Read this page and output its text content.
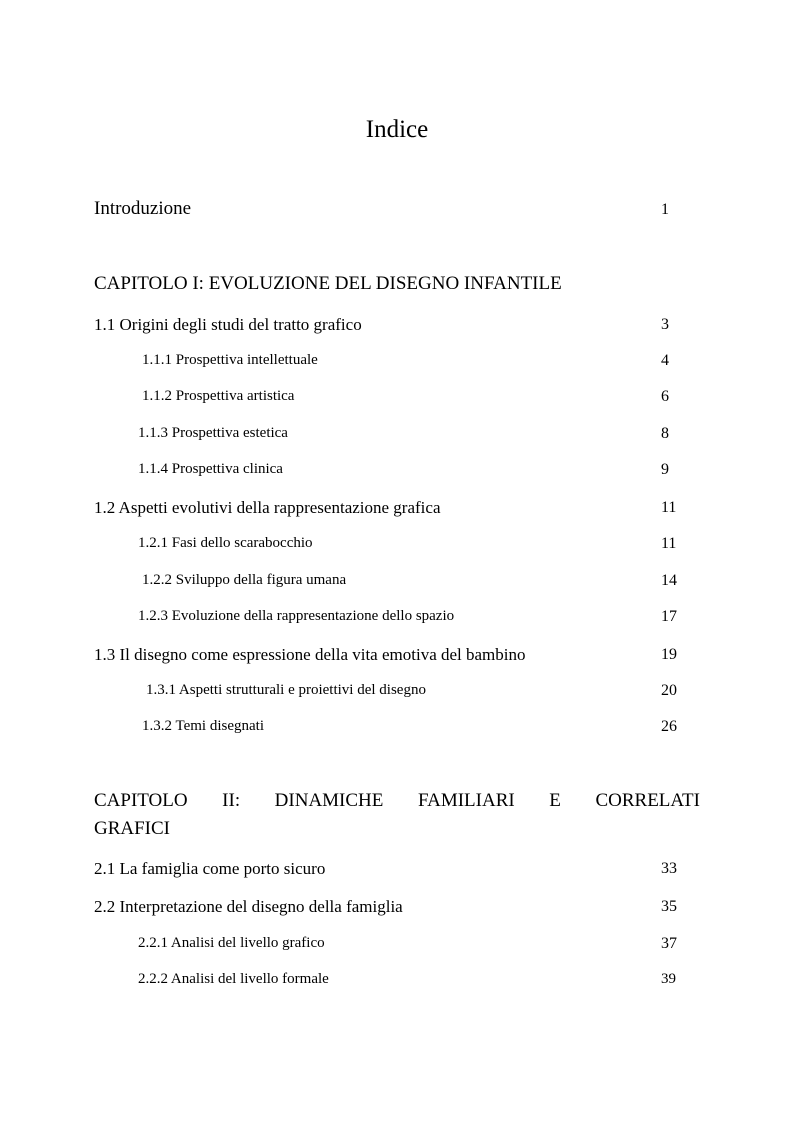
Indice
Introduzione	1
CAPITOLO I: EVOLUZIONE DEL DISEGNO INFANTILE
1.1 Origini degli studi del tratto grafico	3
1.1.1 Prospettiva intellettuale	4
1.1.2 Prospettiva artistica	6
1.1.3 Prospettiva estetica	8
1.1.4 Prospettiva clinica	9
1.2 Aspetti evolutivi della rappresentazione grafica	11
1.2.1 Fasi dello scarabocchio	11
1.2.2 Sviluppo della figura umana	14
1.2.3 Evoluzione della rappresentazione dello spazio	17
1.3 Il disegno come espressione della vita emotiva del bambino	19
1.3.1 Aspetti strutturali e proiettivi del disegno	20
1.3.2 Temi disegnati	26
CAPITOLO II: DINAMICHE FAMILIARI E CORRELATI
GRAFICI
2.1 La famiglia come porto sicuro	33
2.2 Interpretazione del disegno della famiglia	35
2.2.1 Analisi del livello grafico	37
2.2.2 Analisi del livello formale	39
